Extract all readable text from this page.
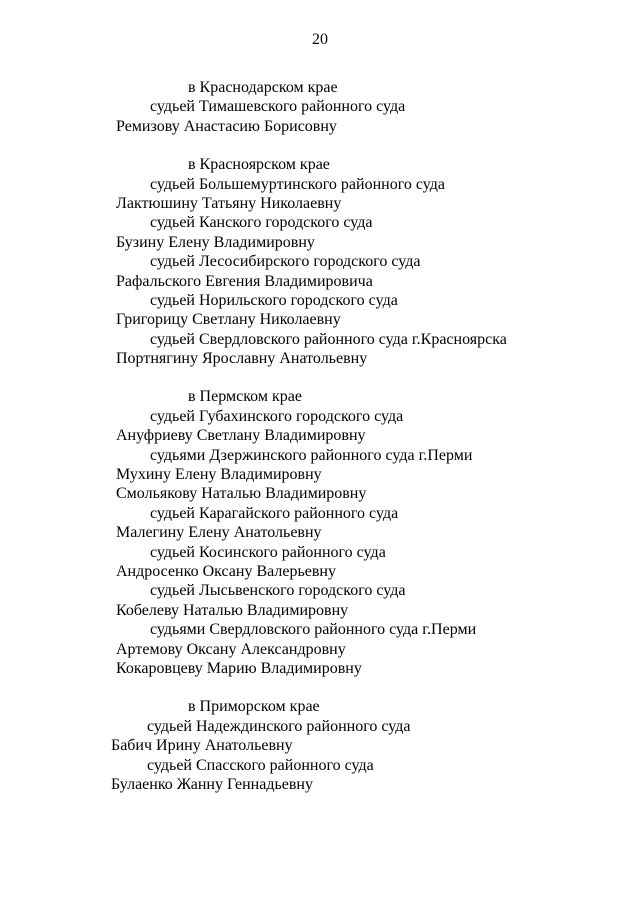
20
в Краснодарском крае
судьей Тимашевского районного суда
Ремизову Анастасию Борисовну
в Красноярском крае
судьей Большемуртинского районного суда
Лактюшину Татьяну Николаевну
судьей Канского городского суда
Бузину Елену Владимировну
судьей Лесосибирского городского суда
Рафальского Евгения Владимировича
судьей Норильского городского суда
Григорицу Светлану Николаевну
судьей Свердловского районного суда г.Красноярска
Портнягину Ярославну Анатольевну
в Пермском крае
судьей Губахинского городского суда
Ануфриеву Светлану Владимировну
судьями Дзержинского районного суда г.Перми
Мухину Елену Владимировну
Смольякову Наталью Владимировну
судьей Карагайского районного суда
Малегину Елену Анатольевну
судьей Косинского районного суда
Андросенко Оксану Валерьевну
судьей Лысьвенского городского суда
Кобелеву Наталью Владимировну
судьями Свердловского районного суда г.Перми
Артемову Оксану Александровну
Кокаровцеву Марию Владимировну
в Приморском крае
судьей Надеждинского районного суда
Бабич Ирину Анатольевну
судьей Спасского районного суда
Булаенко Жанну Геннадьевну
